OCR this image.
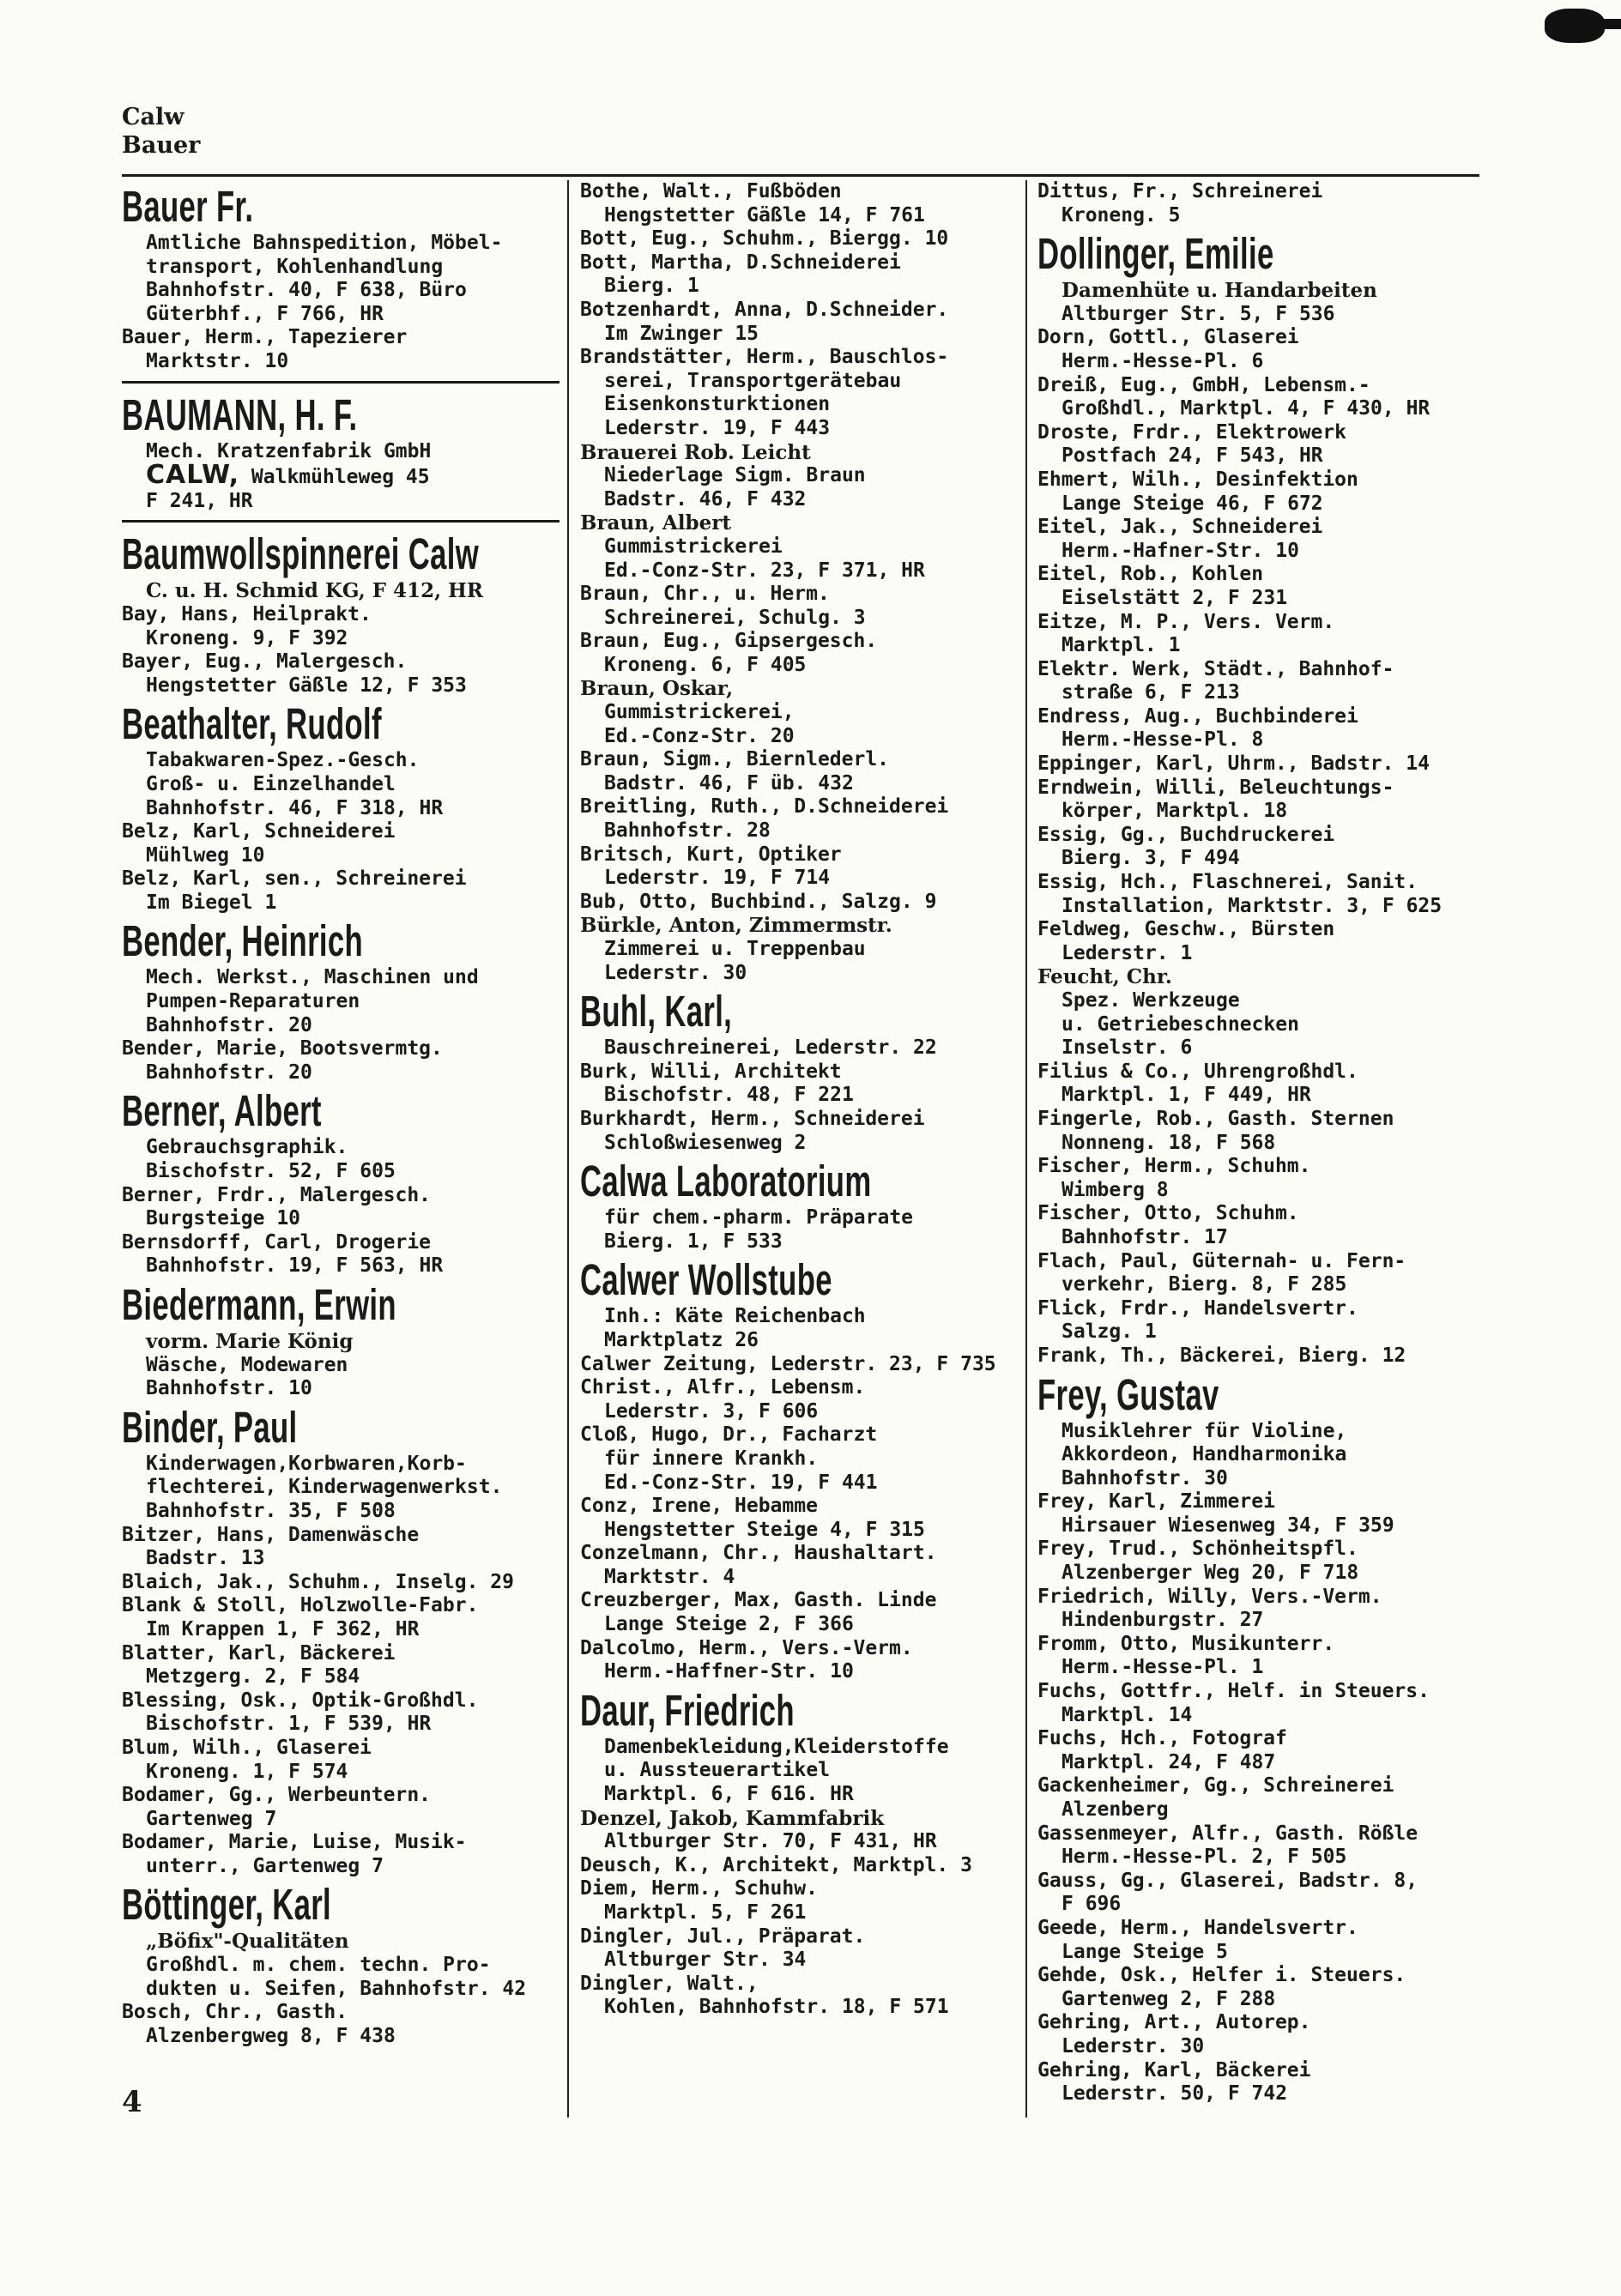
Calw
Bauer
Bauer Fr.
Amtliche Bahnspedition, Möbel-
transport, Kohlenhandlung
Bahnhofstr. 40, F 638, Büro
Güterbhf., F 766, HR
Bauer, Herm., Tapezierer
Marktstr. 10
BAUMANN, H. F.
Mech. Kratzenfabrik GmbH
CALW, Walkmühleweg 45
F 241, HR
Baumwollspinnerei Calw
C. u. H. Schmid KG, F 412, HR
Bay, Hans, Heilprakt.
Kroneng. 9, F 392
Bayer, Eug., Malergesch.
Hengstetter Gäßle 12, F 353
Beathalter, Rudolf
Tabakwaren-Spez.-Gesch.
Groß- u. Einzelhandel
Bahnhofstr. 46, F 318, HR
Belz, Karl, Schneiderei
Mühlweg 10
Belz, Karl, sen., Schreinerei
Im Biegel 1
Bender, Heinrich
Mech. Werkst., Maschinen und
Pumpen-Reparaturen
Bahnhofstr. 20
Bender, Marie, Bootsvermtg.
Bahnhofstr. 20
Berner, Albert
Gebrauchsgraphik.
Bischofstr. 52, F 605
Berner, Frdr., Malergesch.
Burgsteige 10
Bernsdorff, Carl, Drogerie
Bahnhofstr. 19, F 563, HR
Biedermann, Erwin
vorm. Marie König
Wäsche, Modewaren
Bahnhofstr. 10
Binder, Paul
Kinderwagen,Korbwaren,Korb-
flechterei, Kinderwagenwerkst.
Bahnhofstr. 35, F 508
Bitzer, Hans, Damenwäsche
Badstr. 13
Blaich, Jak., Schuhm., Inselg. 29
Blank & Stoll, Holzwolle-Fabr.
Im Krappen 1, F 362, HR
Blatter, Karl, Bäckerei
Metzgerg. 2, F 584
Blessing, Osk., Optik-Großhdl.
Bischofstr. 1, F 539, HR
Blum, Wilh., Glaserei
Kroneng. 1, F 574
Bodamer, Gg., Werbeuntern.
Gartenweg 7
Bodamer, Marie, Luise, Musik-
unterr., Gartenweg 7
Böttinger, Karl
„Böfix"-Qualitäten
Großhdl. m. chem. techn. Pro-
dukten u. Seifen, Bahnhofstr. 42
Bosch, Chr., Gasth.
Alzenbergweg 8, F 438
Bothe, Walt., Fußböden
Hengstetter Gäßle 14, F 761
Bott, Eug., Schuhm., Biergg. 10
Bott, Martha, D.Schneiderei
Bierg. 1
Botzenhardt, Anna, D.Schneider.
Im Zwinger 15
Brandstätter, Herm., Bauschlos-
serei, Transportgerätebau
Eisenkonsturktionen
Lederstr. 19, F 443
Brauerei Rob. Leicht
Niederlage Sigm. Braun
Badstr. 46, F 432
Braun, Albert
Gummistrickerei
Ed.-Conz-Str. 23, F 371, HR
Braun, Chr., u. Herm.
Schreinerei, Schulg. 3
Braun, Eug., Gipsergesch.
Kroneng. 6, F 405
Braun, Oskar,
Gummistrickerei,
Ed.-Conz-Str. 20
Braun, Sigm., Biernlederl.
Badstr. 46, F üb. 432
Breitling, Ruth., D.Schneiderei
Bahnhofstr. 28
Britsch, Kurt, Optiker
Lederstr. 19, F 714
Bub, Otto, Buchbind., Salzg. 9
Bürkle, Anton, Zimmermstr.
Zimmerei u. Treppenbau
Lederstr. 30
Buhl, Karl,
Bauschreinerei, Lederstr. 22
Burk, Willi, Architekt
Bischofstr. 48, F 221
Burkhardt, Herm., Schneiderei
Schloßwiesenweg 2
Calwa Laboratorium
für chem.-pharm. Präparate
Bierg. 1, F 533
Calwer Wollstube
Inh.: Käte Reichenbach
Marktplatz 26
Calwer Zeitung, Lederstr. 23, F 735
Christ., Alfr., Lebensm.
Lederstr. 3, F 606
Cloß, Hugo, Dr., Facharzt
für innere Krankh.
Ed.-Conz-Str. 19, F 441
Conz, Irene, Hebamme
Hengstetter Steige 4, F 315
Conzelmann, Chr., Haushaltart.
Marktstr. 4
Creuzberger, Max, Gasth. Linde
Lange Steige 2, F 366
Dalcolmo, Herm., Vers.-Verm.
Herm.-Haffner-Str. 10
Daur, Friedrich
Damenbekleidung,Kleiderstoffe
u. Aussteuerartikel
Marktpl. 6, F 616. HR
Denzel, Jakob, Kammfabrik
Altburger Str. 70, F 431, HR
Deusch, K., Architekt, Marktpl. 3
Diem, Herm., Schuhw.
Marktpl. 5, F 261
Dingler, Jul., Präparat.
Altburger Str. 34
Dingler, Walt.,
Kohlen, Bahnhofstr. 18, F 571
Dittus, Fr., Schreinerei
Kroneng. 5
Dollinger, Emilie
Damenhüte u. Handarbeiten
Altburger Str. 5, F 536
Dorn, Gottl., Glaserei
Herm.-Hesse-Pl. 6
Dreiß, Eug., GmbH, Lebensm.-
Großhdl., Marktpl. 4, F 430, HR
Droste, Frdr., Elektrowerk
Postfach 24, F 543, HR
Ehmert, Wilh., Desinfektion
Lange Steige 46, F 672
Eitel, Jak., Schneiderei
Herm.-Hafner-Str. 10
Eitel, Rob., Kohlen
Eiselstätt 2, F 231
Eitze, M. P., Vers. Verm.
Marktpl. 1
Elektr. Werk, Städt., Bahnhof-
straße 6, F 213
Endress, Aug., Buchbinderei
Herm.-Hesse-Pl. 8
Eppinger, Karl, Uhrm., Badstr. 14
Erndwein, Willi, Beleuchtungs-
körper, Marktpl. 18
Essig, Gg., Buchdruckerei
Bierg. 3, F 494
Essig, Hch., Flaschnerei, Sanit.
Installation, Marktstr. 3, F 625
Feldweg, Geschw., Bürsten
Lederstr. 1
Feucht, Chr.
Spez. Werkzeuge
u. Getriebeschnecken
Inselstr. 6
Filius & Co., Uhrengroßhdl.
Marktpl. 1, F 449, HR
Fingerle, Rob., Gasth. Sternen
Nonneng. 18, F 568
Fischer, Herm., Schuhm.
Wimberg 8
Fischer, Otto, Schuhm.
Bahnhofstr. 17
Flach, Paul, Güternah- u. Fern-
verkehr, Bierg. 8, F 285
Flick, Frdr., Handelsvertr.
Salzg. 1
Frank, Th., Bäckerei, Bierg. 12
Frey, Gustav
Musiklehrer für Violine,
Akkordeon, Handharmonika
Bahnhofstr. 30
Frey, Karl, Zimmerei
Hirsauer Wiesenweg 34, F 359
Frey, Trud., Schönheitspfl.
Alzenberger Weg 20, F 718
Friedrich, Willy, Vers.-Verm.
Hindenburgstr. 27
Fromm, Otto, Musikunterr.
Herm.-Hesse-Pl. 1
Fuchs, Gottfr., Helf. in Steuers.
Marktpl. 14
Fuchs, Hch., Fotograf
Marktpl. 24, F 487
Gackenheimer, Gg., Schreinerei
Alzenberg
Gassenmeyer, Alfr., Gasth. Rößle
Herm.-Hesse-Pl. 2, F 505
Gauss, Gg., Glaserei, Badstr. 8,
F 696
Geede, Herm., Handelsvertr.
Lange Steige 5
Gehde, Osk., Helfer i. Steuers.
Gartenweg 2, F 288
Gehring, Art., Autorep.
Lederstr. 30
Gehring, Karl, Bäckerei
Lederstr. 50, F 742
4
